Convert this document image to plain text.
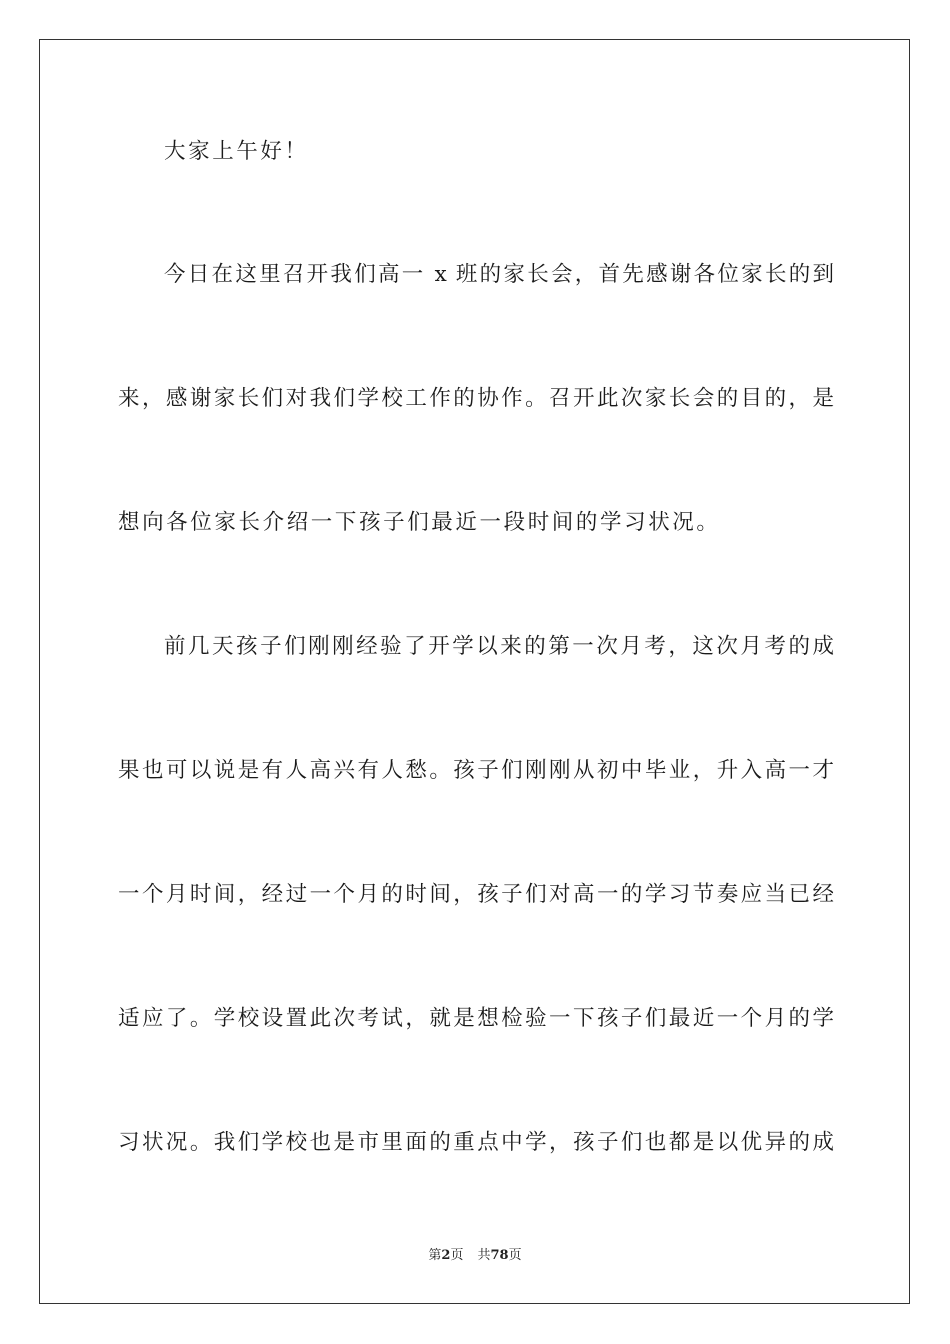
大家上午好！
今日在这里召开我们高一 x 班的家长会，首先感谢各位家长的到
来，感谢家长们对我们学校工作的协作。召开此次家长会的目的，是
想向各位家长介绍一下孩子们最近一段时间的学习状况。
前几天孩子们刚刚经验了开学以来的第一次月考，这次月考的成
果也可以说是有人高兴有人愁。孩子们刚刚从初中毕业，升入高一才
一个月时间，经过一个月的时间，孩子们对高一的学习节奏应当已经
适应了。学校设置此次考试，就是想检验一下孩子们最近一个月的学
习状况。我们学校也是市里面的重点中学，孩子们也都是以优异的成
第2页 共78页
